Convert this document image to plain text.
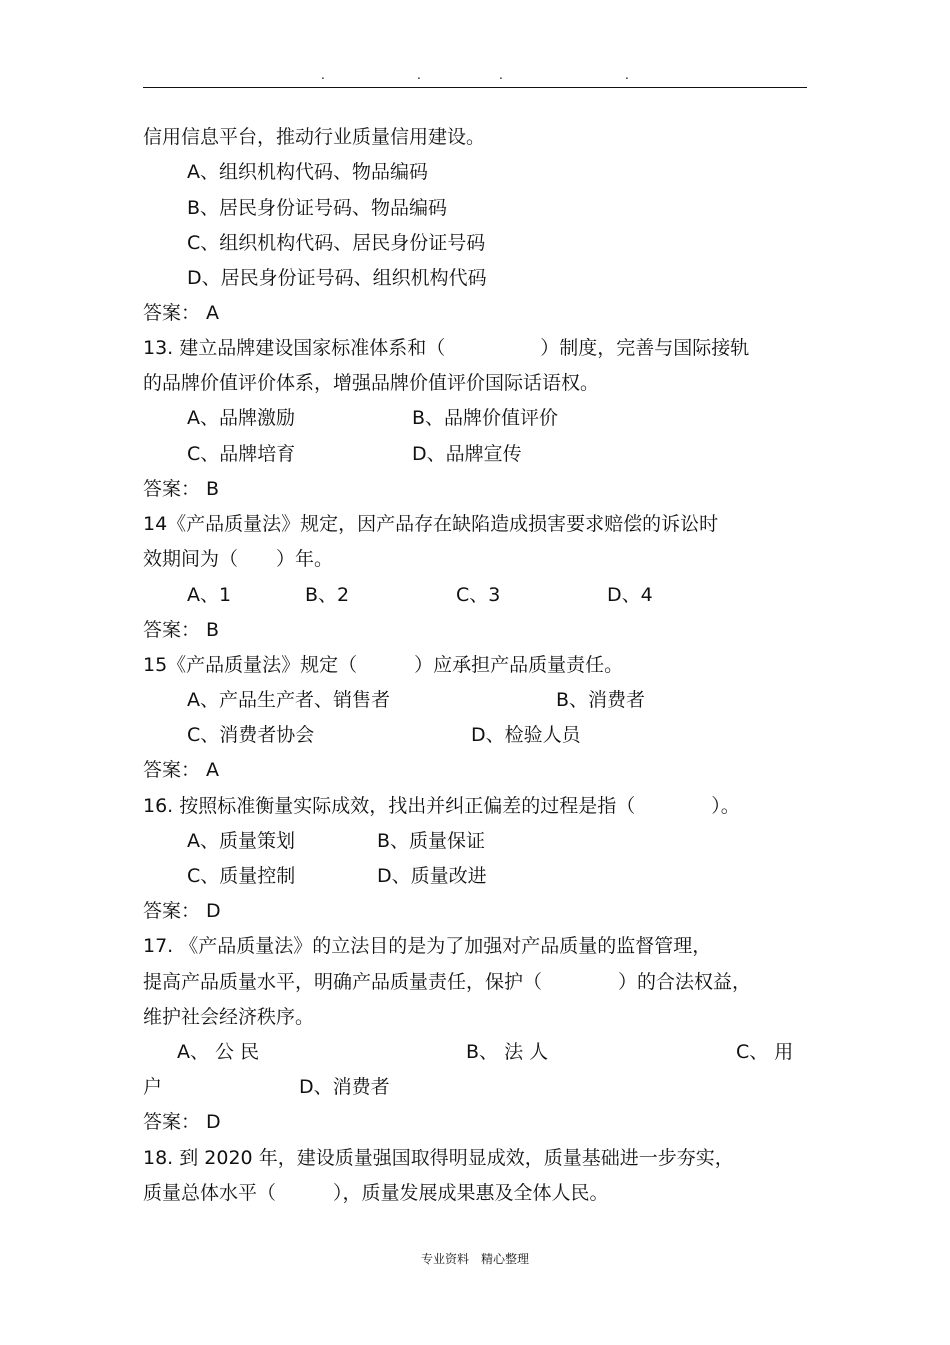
.	.	.	.
信用信息平台，推动行业质量信用建设。
A、组织机构代码、物品编码
B、居民身份证号码、物品编码
C、组织机构代码、居民身份证号码
D、居民身份证号码、组织机构代码
答案： A
13. 建立品牌建设国家标准体系和（　　　　　）制度，完善与国际接轨
的品牌价值评价体系，增强品牌价值评价国际话语权。
A、品牌激励	B、品牌价值评价
C、品牌培育	D、品牌宣传
答案： B
14《产品质量法》规定，因产品存在缺陷造成损害要求赔偿的诉讼时
效期间为（　　）年。
A、1	B、2	C、3	D、4
答案： B
15《产品质量法》规定（　　　）应承担产品质量责任。
A、产品生产者、销售者	B、消费者
C、消费者协会	D、检验人员
答案： A
16. 按照标准衡量实际成效，找出并纠正偏差的过程是指（　　　　）。
A、质量策划	B、质量保证
C、质量控制	D、质量改进
答案： D
17. 《产品质量法》的立法目的是为了加强对产品质量的监督管理，
提高产品质量水平，明确产品质量责任，保护（　　　　）的合法权益，
维护社会经济秩序。
A、 公 民	B、 法 人	C、 用
户	D、消费者
答案： D
18. 到 2020 年，建设质量强国取得明显成效，质量基础进一步夯实，
质量总体水平（　　　），质量发展成果惠及全体人民。
专业资料　精心整理
